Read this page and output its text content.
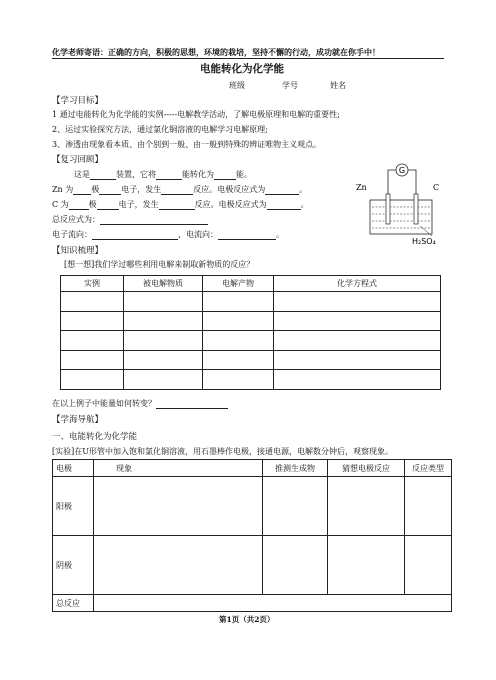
化学老师寄语：正确的方向，积极的思想，环境的栽培，坚持不懈的行动，成功就在你手中！
电能转化为化学能
班级	学号	姓名
【学习目标】
1 通过电能转化为化学能的实例-----电解教学活动，了解电极原理和电解的重要性;
2、运过实验探究方法，通过氯化铜溶液的电解学习电解原理;
3、渗透由现象看本质、由个别到一般、由一般到特殊的辨证唯物主义观点。
【复习回顾】
这是	装置，它将	能转化为	能。
Zn 为 极	电子，发生	反应。电极反应式为	。
C 为	极	电子，发生	反应。电极反应式为	。
总反应式为：
电子流向：	，电流向：	。
G
Zn	C
H₂SO₄
【知识梳理】
[想一想]我们学过哪些利用电解来制取新物质的反应？
实例	被电解物质	电解产物	化学方程式

在以上例子中能量如何转变？
【学海导航】
一、电能转化为化学能
[实验]在U形管中加入饱和氯化铜溶液，用石墨棒作电极，接通电源，电解数分钟后，观察现象。
电极	现象	推测生成物	猜想电极反应	反应类型
阳极				
阴极				
总反应				
第1页（共2页）
